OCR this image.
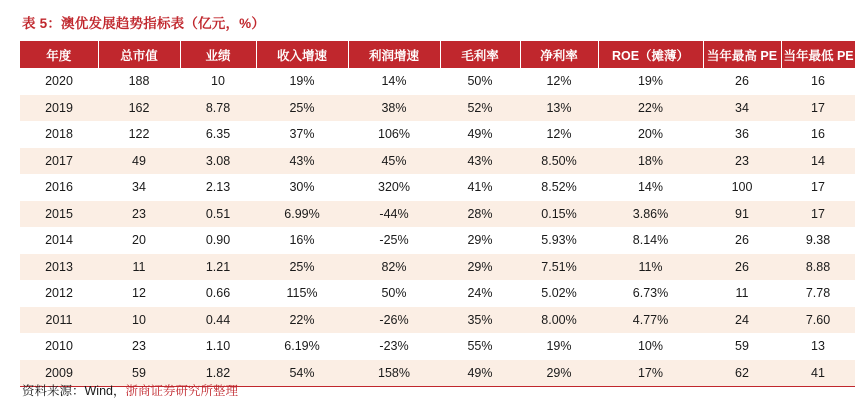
表 5：澳优发展趋势指标表（亿元，%）
年度	总市值	业绩	收入增速	利润增速	毛利率	净利率	ROE（摊薄）	当年最高 PE	当年最低 PE
2020	188	10	19%	14%	50%	12%	19%	26	16
2019	162	8.78	25%	38%	52%	13%	22%	34	17
2018	122	6.35	37%	106%	49%	12%	20%	36	16
2017	49	3.08	43%	45%	43%	8.50%	18%	23	14
2016	34	2.13	30%	320%	41%	8.52%	14%	100	17
2015	23	0.51	6.99%	-44%	28%	0.15%	3.86%	91	17
2014	20	0.90	16%	-25%	29%	5.93%	8.14%	26	9.38
2013	11	1.21	25%	82%	29%	7.51%	11%	26	8.88
2012	12	0.66	115%	50%	24%	5.02%	6.73%	11	7.78
2011	10	0.44	22%	-26%	35%	8.00%	4.77%	24	7.60
2010	23	1.10	6.19%	-23%	55%	19%	10%	59	13
2009	59	1.82	54%	158%	49%	29%	17%	62	41
资料来源：Wind，浙商证券研究所整理
